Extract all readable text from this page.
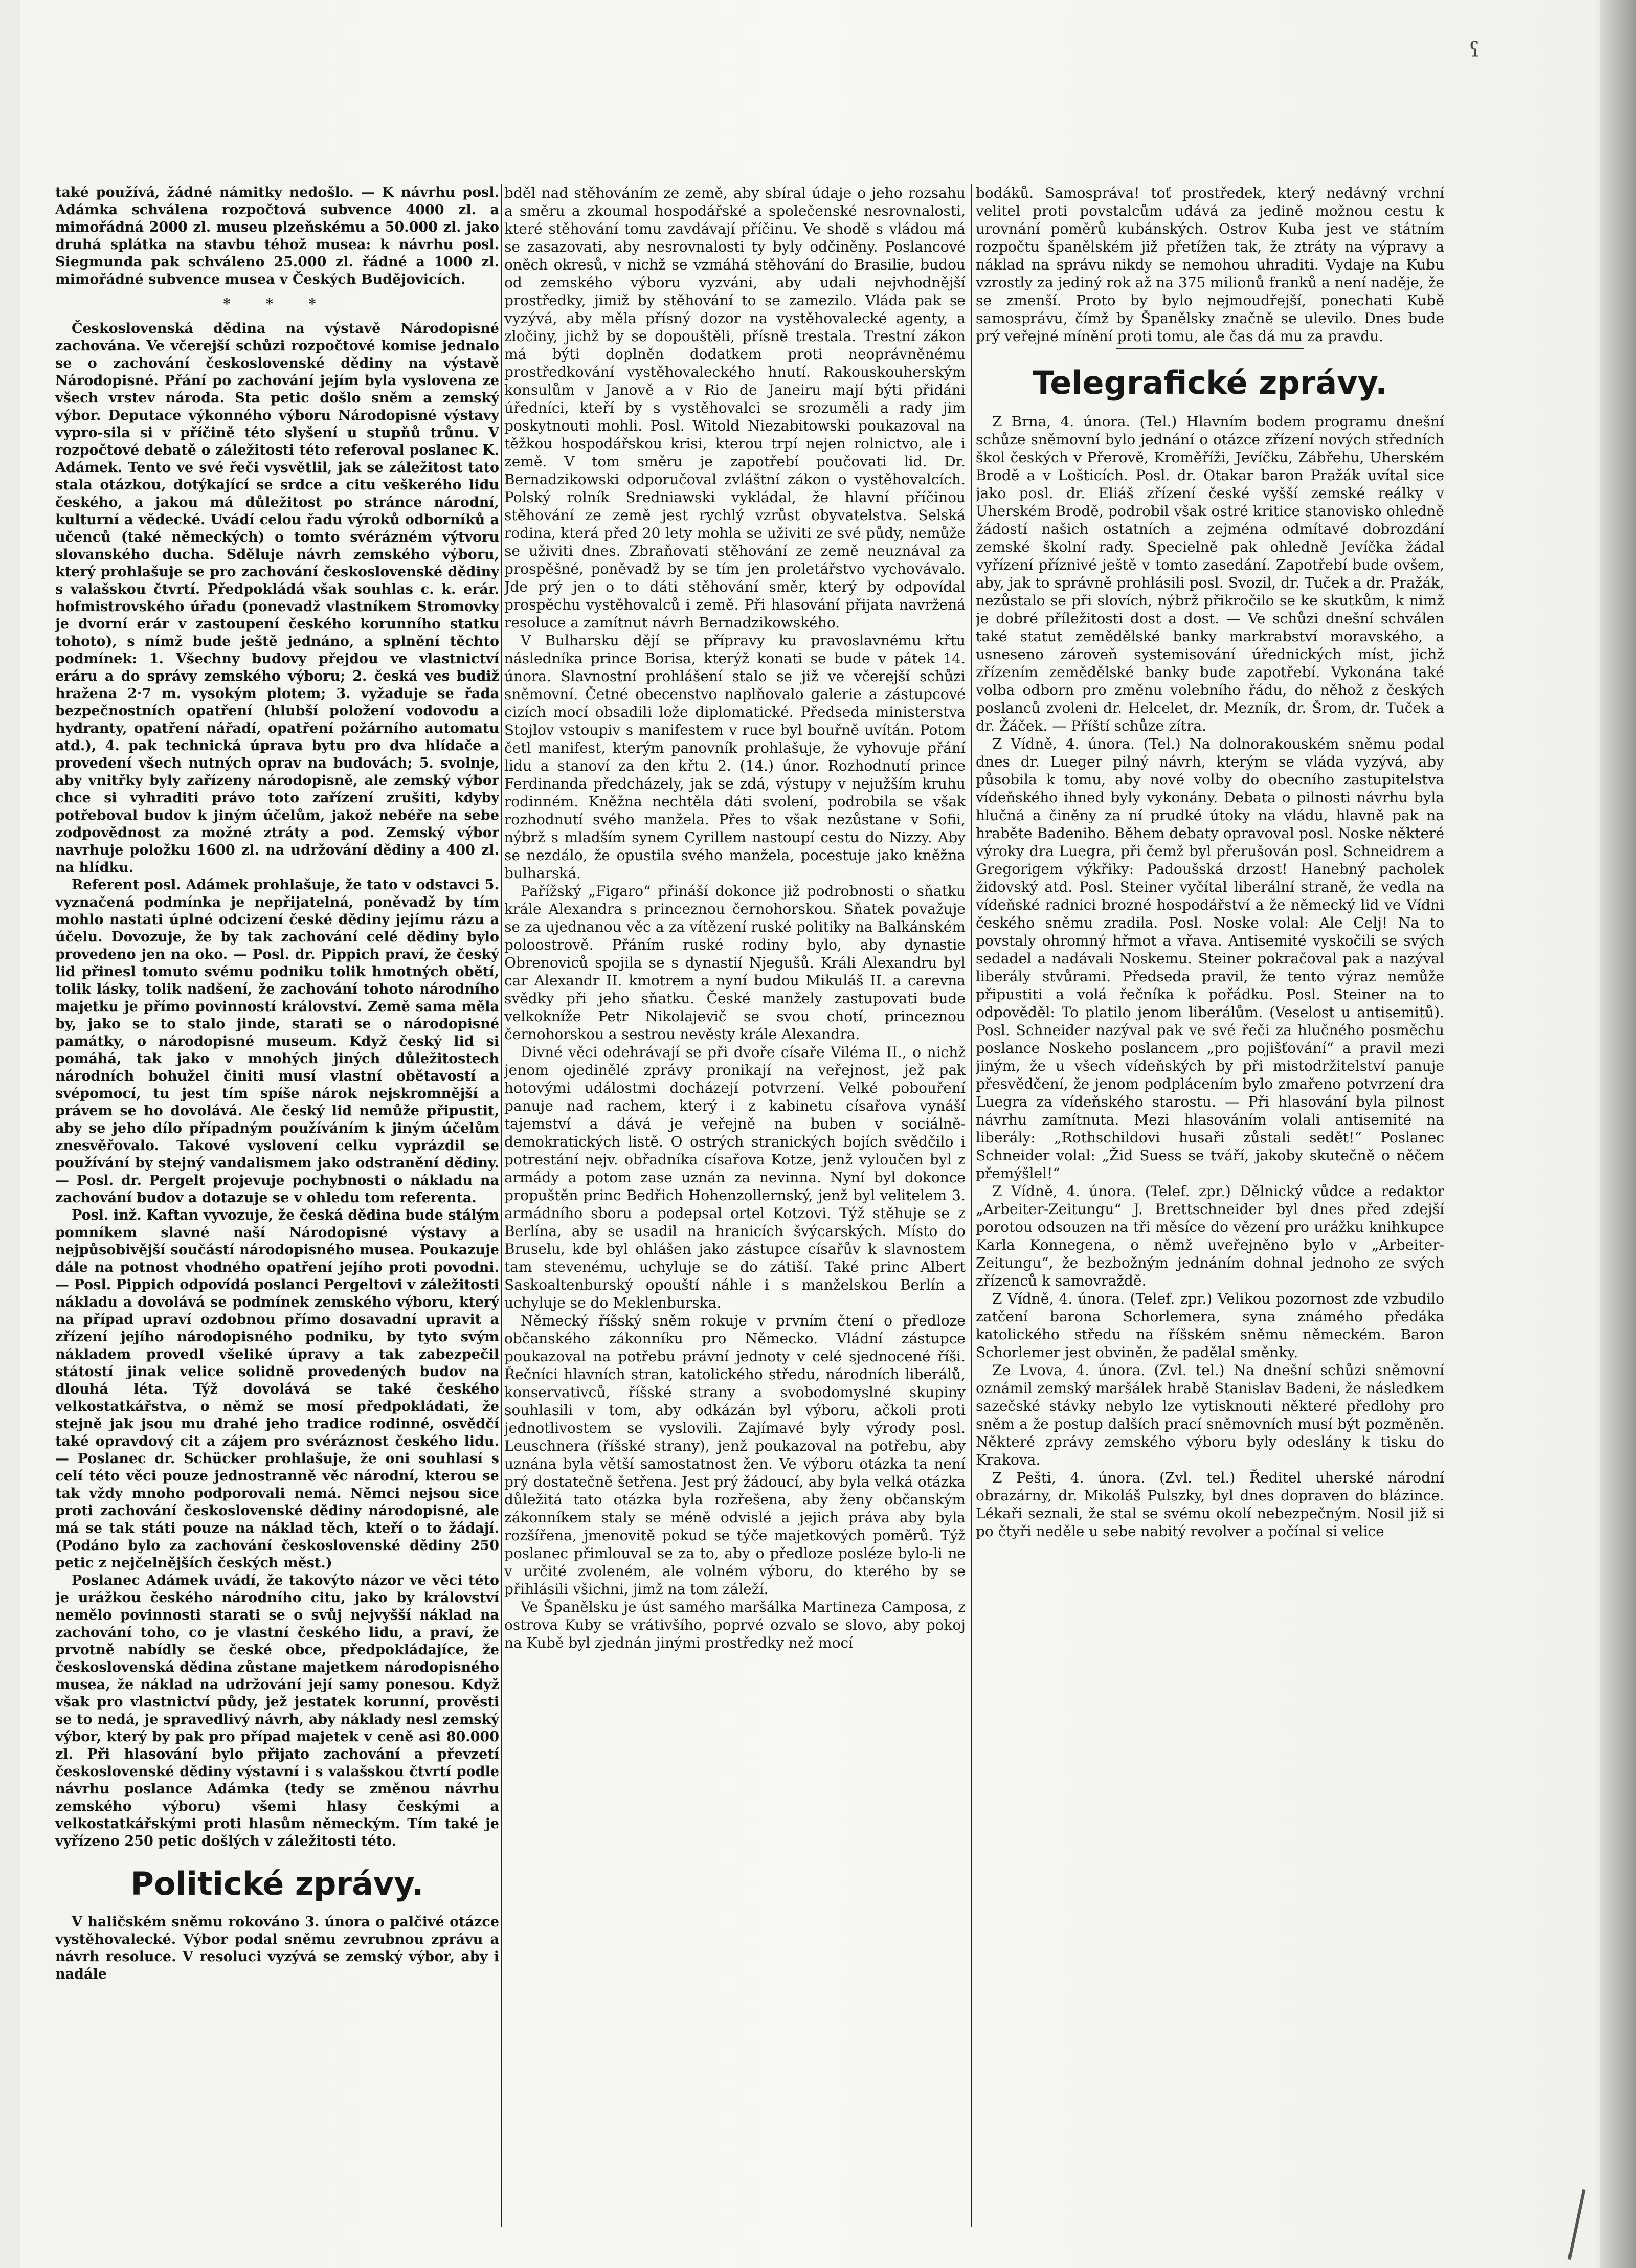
ˁ

také používá, žádné námitky nedošlo. — K návrhu posl. Adámka schválena rozpočtová subvence 4000 zl. a mimořádná 2000 zl. museu plzeňskému a 50.000 zl. jako druhá splátka na stavbu téhož musea: k návrhu posl. Siegmunda pak schváleno 25.000 zl. řádné a 1000 zl. mimořádné subvence musea v Českých Budějovicích.

* * *

Československá dědina na výstavě Národopisné zachována. Ve včerejší schůzi rozpočtové komise jednalo se o zachování československé dědiny na výstavě Národopisné. Přání po zachování jejím byla vyslovena ze všech vrstev národa. Sta petic došlo sněm a zemský výbor. Deputace výkonného výboru Národopisné výstavy vypro-sila si v příčině této slyšení u stupňů trůnu. V rozpočtové debatě o záležitosti této referoval poslanec K. Adámek. Tento ve své řeči vysvětlil, jak se záležitost tato stala otázkou, dotýkající se srdce a citu veškerého lidu českého, a jakou má důležitost po stránce národní, kulturní a vědecké. Uvádí celou řadu výroků odborníků a učenců (také německých) o tomto svérázném výtvoru slovanského ducha. Sděluje návrh zemského výboru, který prohlašuje se pro zachování československé dědiny s valašskou čtvrtí. Předpokládá však souhlas c. k. erár. hofmistrovského úřadu (ponevadž vlastníkem Stromovky je dvorní erár v zastoupení českého korunního statku tohoto), s nímž bude ještě jednáno, a splnění těchto podmínek: 1. Všechny budovy přejdou ve vlastnictví eráru a do správy zemského výboru; 2. česká ves budiž hražena 2·7 m. vysokým plotem; 3. vyžaduje se řada bezpečnostních opatření (hlubší položení vodovodu a hydranty, opatření nářadí, opatření požárního automatu atd.), 4. pak technická úprava bytu pro dva hlídače a provedení všech nutných oprav na budovách; 5. svolnje, aby vnitřky byly zařízeny národopisně, ale zemský výbor chce si vyhraditi právo toto zařízení zrušiti, kdyby potřeboval budov k jiným účelům, jakož nebéře na sebe zodpovědnost za možné ztráty a pod. Zemský výbor navrhuje položku 1600 zl. na udržování dědiny a 400 zl. na hlídku.

Referent posl. Adámek prohlašuje, že tato v odstavci 5. vyznačená podmínka je nepřijatelná, poněvadž by tím mohlo nastati úplné odcizení české dědiny jejímu rázu a účelu. Dovozuje, že by tak zachování celé dědiny bylo provedeno jen na oko. — Posl. dr. Pippich praví, že český lid přinesl tomuto svému podniku tolik hmotných obětí, tolik lásky, tolik nadšení, že zachování tohoto národního majetku je přímo povinností království. Země sama měla by, jako se to stalo jinde, starati se o národopisné památky, o národopisné museum. Když český lid si pomáhá, tak jako v mnohých jiných důležitostech národních bohužel činiti musí vlastní obětavostí a svépomocí, tu jest tím spíše nárok nejskromnější a právem se ho dovolává. Ale český lid nemůže připustit, aby se jeho dílo případným používáním k jiným účelům znesvěřovalo. Takové vyslovení celku vyprázdil se používání by stejný vandalismem jako odstranění dědiny. — Posl. dr. Pergelt projevuje pochybnosti o nákladu na zachování budov a dotazuje se v ohledu tom referenta.

Posl. inž. Kaftan vyvozuje, že česká dědina bude stálým pomníkem slavné naší Národopisné výstavy a nejpůsobivější součástí národopisného musea. Poukazuje dále na potnost vhodného opatření jejího proti povodni. — Posl. Pippich odpovídá poslanci Pergeltovi v záležitosti nákladu a dovolává se podmínek zemského výboru, který na případ upraví ozdobnou přímo dosavadní upravit a zřízení jejího národopisného podniku, by tyto svým nákladem provedl všeliké úpravy a tak zabezpečil státostí jinak velice solidně provedených budov na dlouhá léta. Týž dovolává se také českého velkostatkářstva, o němž se mosí předpokládati, že stejně jak jsou mu drahé jeho tradice rodinné, osvědčí také opravdový cit a zájem pro svéráznost českého lidu. — Poslanec dr. Schücker prohlašuje, že oni souhlasí s celí této věci pouze jednostranně věc národní, kterou se tak vždy mnoho podporovali nemá. Němci nejsou sice proti zachování československé dědiny národopisné, ale má se tak státi pouze na náklad těch, kteří o to žádají. (Podáno bylo za zachování československé dědiny 250 petic z nejčelnějších českých měst.)

Poslanec Adámek uvádí, že takovýto názor ve věci této je urážkou českého národního citu, jako by království nemělo povinnosti starati se o svůj nejvyšší náklad na zachování toho, co je vlastní českého lidu, a praví, že prvotně nabídly se české obce, předpokládajíce, že československá dědina zůstane majetkem národopisného musea, že náklad na udržování její samy ponesou. Když však pro vlastnictví půdy, jež jestatek korunní, prověsti se to nedá, je spravedlivý návrh, aby náklady nesl zemský výbor, který by pak pro případ majetek v ceně asi 80.000 zl. Při hlasování bylo přijato zachování a převzetí československé dědiny výstavní i s valašskou čtvrtí podle návrhu poslance Adámka (tedy se změnou návrhu zemského výboru) všemi hlasy českými a velkostatkářskými proti hlasům německým. Tím také je vyřízeno 250 petic došlých v záležitosti této.

Politické zprávy.

V haličském sněmu rokováno 3. února o palčivé otázce vystěhovalecké. Výbor podal sněmu zevrubnou zprávu a návrh resoluce. V resoluci vyzývá se zemský výbor, aby i nadále

bděl nad stěhováním ze země, aby sbíral údaje o jeho rozsahu a směru a zkoumal hospodářské a společenské nesrovnalosti, které stěhování tomu zavdávají příčinu. Ve shodě s vládou má se zasazovati, aby nesrovnalosti ty byly odčiněny. Poslancové oněch okresů, v nichž se vzmáhá stěhování do Brasilie, budou od zemského výboru vyzváni, aby udali nejvhodnější prostředky, jimiž by stěhování to se zamezilo. Vláda pak se vyzývá, aby měla přísný dozor na vystěhovalecké agenty, a zločiny, jichž by se dopouštěli, přísně trestala. Trestní zákon má býti doplněn dodatkem proti neoprávněnému prostředkování vystěhovaleckého hnutí. Rakouskouherským konsulům v Janově a v Rio de Janeiru mají býti přidáni úředníci, kteří by s vystěhovalci se srozuměli a rady jim poskytnouti mohli. Posl. Witold Niezabitowski poukazoval na těžkou hospodářskou krisi, kterou trpí nejen rolnictvo, ale i země. V tom směru je zapotřebí poučovati lid. Dr. Bernadzikowski odporučoval zvláštní zákon o vystěhovalcích. Polský rolník Sredniawski vykládal, že hlavní příčinou stěhování ze země jest rychlý vzrůst obyvatelstva. Selská rodina, která před 20 lety mohla se uživiti ze své půdy, nemůže se uživiti dnes. Zbraňovati stěhování ze země neuznával za prospěšné, poněvadž by se tím jen proletářstvo vychovávalo. Jde prý jen o to dáti stěhování směr, který by odpovídal prospěchu vystěhovalců i země. Při hlasování přijata navržená resoluce a zamítnut návrh Bernadzikowského.

V Bulharsku dějí se přípravy ku pravoslavnému křtu následníka prince Borisa, kterýž konati se bude v pátek 14. února. Slavnostní prohlášení stalo se již ve včerejší schůzi sněmovní. Četné obecenstvo naplňovalo galerie a zástupcové cizích mocí obsadili lože diplomatické. Předseda ministerstva Stojlov vstoupiv s manifestem v ruce byl bouřně uvítán. Potom četl manifest, kterým panovník prohlašuje, že vyhovuje přání lidu a stanoví za den křtu 2. (14.) únor. Rozhodnutí prince Ferdinanda předcházely, jak se zdá, výstupy v nejužším kruhu rodinném. Kněžna nechtěla dáti svolení, podrobila se však rozhodnutí svého manžela. Přes to však nezůstane v Sofii, nýbrž s mladším synem Cyrillem nastoupí cestu do Nizzy. Aby se nezdálo, že opustila svého manžela, pocestuje jako kněžna bulharská.

Pařížský „Figaro“ přináší dokonce již podrobnosti o sňatku krále Alexandra s princeznou černohorskou. Sňatek považuje se za ujednanou věc a za vítězení ruské politiky na Balkánském poloostrově. Přáním ruské rodiny bylo, aby dynastie Obrenoviců spojila se s dynastií Njegušů. Králi Alexandru byl car Alexandr II. kmotrem a nyní budou Mikuláš II. a carevna svědky při jeho sňatku. České manžely zastupovati bude velkokníže Petr Nikolajevič se svou chotí, princeznou černohorskou a sestrou nevěsty krále Alexandra.

Divné věci odehrávají se při dvoře císaře Viléma II., o nichž jenom ojedinělé zprávy pronikají na veřejnost, jež pak hotovými událostmi docházejí potvrzení. Velké pobouření panuje nad rachem, který i z kabinetu císařova vynáší tajemství a dává je veřejně na buben v sociálně-demokratických listě. O ostrých stranických bojích svědčilo i potrestání nejv. obřadníka císařova Kotze, jenž vyloučen byl z armády a potom zase uznán za nevinna. Nyní byl dokonce propuštěn princ Bedřich Hohenzollernský, jenž byl velitelem 3. armádního sboru a podepsal ortel Kotzovi. Týž stěhuje se z Berlína, aby se usadil na hranicích švýcarských. Místo do Bruselu, kde byl ohlášen jako zástupce císařův k slavnostem tam stevenému, uchyluje se do zátiší. Také princ Albert Saskoaltenburský opouští náhle i s manželskou Berlín a uchyluje se do Meklenburska.

Německý říšský sněm rokuje v prvním čtení o předloze občanského zákonníku pro Německo. Vládní zástupce poukazoval na potřebu právní jednoty v celé sjednocené říši. Řečníci hlavních stran, katolického středu, národních liberálů, konservativců, říšské strany a svobodomyslné skupiny souhlasili v tom, aby odkázán byl výboru, ačkoli proti jednotlivostem se vyslovili. Zajímavé byly výrody posl. Leuschnera (říšské strany), jenž poukazoval na potřebu, aby uznána byla větší samostatnost žen. Ve výboru otázka ta není prý dostatečně šetřena. Jest prý žádoucí, aby byla velká otázka důležitá tato otázka byla rozřešena, aby ženy občanským zákonníkem staly se méně odvislé a jejich práva aby byla rozšířena, jmenovitě pokud se týče majetkových poměrů. Týž poslanec přimlouval se za to, aby o předloze posléze bylo-li ne v určité zvoleném, ale volném výboru, do kterého by se přihlásili všichni, jimž na tom záleží.

Ve Španělsku je úst samého maršálka Martineza Camposa, z ostrova Kuby se vrátivšího, poprvé ozvalo se slovo, aby pokoj na Kubě byl zjednán jinými prostředky než mocí

bodáků. Samospráva! toť prostředek, který nedávný vrchní velitel proti povstalcům udává za jedině možnou cestu k urovnání poměrů kubánských. Ostrov Kuba jest ve státním rozpočtu španělském již přetížen tak, že ztráty na výpravy a náklad na správu nikdy se nemohou uhraditi. Vydaje na Kubu vzrostly za jediný rok až na 375 milionů franků a není naděje, že se zmenší. Proto by bylo nejmoudřejší, ponechati Kubě samosprávu, čímž by Španělsky značně se ulevilo. Dnes bude prý veřejné mínění proti tomu, ale čas dá mu za pravdu.

Telegrafické zprávy.

Z Brna, 4. února. (Tel.) Hlavním bodem programu dnešní schůze sněmovní bylo jednání o otázce zřízení nových středních škol českých v Přerově, Kroměříži, Jevíčku, Zábřehu, Uherském Brodě a v Lošticích. Posl. dr. Otakar baron Pražák uvítal sice jako posl. dr. Eliáš zřízení české vyšší zemské reálky v Uherském Brodě, podrobil však ostré kritice stanovisko ohledně žádostí našich ostatních a zejména odmítavé dobrozdání zemské školní rady. Specielně pak ohledně Jevíčka žádal vyřízení příznivé ještě v tomto zasedání. Zapotřebí bude ovšem, aby, jak to správně prohlásili posl. Svozil, dr. Tuček a dr. Pražák, nezůstalo se při slovích, nýbrž přikročilo se ke skutkům, k nimž je dobré příležitosti dost a dost. — Ve schůzi dnešní schválen také statut zemědělské banky markrabství moravského, a usneseno zároveň systemisování úřednických míst, jichž zřízením zemědělské banky bude zapotřebí. Vykonána také volba odborn pro změnu volebního řádu, do něhož z českých poslanců zvoleni dr. Helcelet, dr. Mezník, dr. Šrom, dr. Tuček a dr. Žáček. — Příští schůze zítra.

Z Vídně, 4. února. (Tel.) Na dolnorakouském sněmu podal dnes dr. Lueger pilný návrh, kterým se vláda vyzývá, aby působila k tomu, aby nové volby do obecního zastupitelstva vídeňského ihned byly vykonány. Debata o pilnosti návrhu byla hlučná a činěny za ní prudké útoky na vládu, hlavně pak na hraběte Badeniho. Během debaty opravoval posl. Noske některé výroky dra Luegra, při čemž byl přerušován posl. Schneidrem a Gregorigem výkřiky: Padoušská drzost! Hanebný pacholek židovský atd. Posl. Steiner vyčítal liberální straně, že vedla na vídeňské radnici brozné hospodářství a že německý lid ve Vídni českého sněmu zradila. Posl. Noske volal: Ale Celj! Na to povstaly ohromný hřmot a vřava. Antisemité vyskočili se svých sedadel a nadávali Noskemu. Steiner pokračoval pak a nazýval liberály stvůrami. Předseda pravil, že tento výraz nemůže připustiti a volá řečníka k pořádku. Posl. Steiner na to odpověděl: To platilo jenom liberálům. (Veselost u antisemitů). Posl. Schneider nazýval pak ve své řeči za hlučného posměchu poslance Noskeho poslancem „pro pojišťování“ a pravil mezi jiným, že u všech vídeňských by při mistodržitelství panuje přesvědčení, že jenom podplácením bylo zmařeno potvrzení dra Luegra za vídeňského starostu. — Při hlasování byla pilnost návrhu zamítnuta. Mezi hlasováním volali antisemité na liberály: „Rothschildovi husaři zůstali sedět!“ Poslanec Schneider volal: „Žid Suess se tváří, jakoby skutečně o něčem přemýšlel!“

Z Vídně, 4. února. (Telef. zpr.) Dělnický vůdce a redaktor „Arbeiter-Zeitungu“ J. Brettschneider byl dnes před zdejší porotou odsouzen na tři měsíce do vězení pro urážku knihkupce Karla Konnegena, o němž uveřejněno bylo v „Arbeiter-Zeitungu“, že bezbožným jednáním dohnal jednoho ze svých zřízenců k samovraždě.

Z Vídně, 4. února. (Telef. zpr.) Velikou pozornost zde vzbudilo zatčení barona Schorlemera, syna známého předáka katolického středu na říšském sněmu německém. Baron Schorlemer jest obviněn, že padělal směnky.

Ze Lvova, 4. února. (Zvl. tel.) Na dnešní schůzi sněmovní oznámil zemský maršálek hrabě Stanislav Badeni, že následkem sazečské stávky nebylo lze vytisknouti některé předlohy pro sněm a že postup dalších prací sněmovních musí být pozměněn. Některé zprávy zemského výboru byly odeslány k tisku do Krakova.

Z Pešti, 4. února. (Zvl. tel.) Ředitel uherské národní obrazárny, dr. Mikoláš Pulszky, byl dnes dopraven do blázince. Lékaři seznali, že stal se svému okolí nebezpečným. Nosil již si po čtyři neděle u sebe nabitý revolver a počínal si velice
